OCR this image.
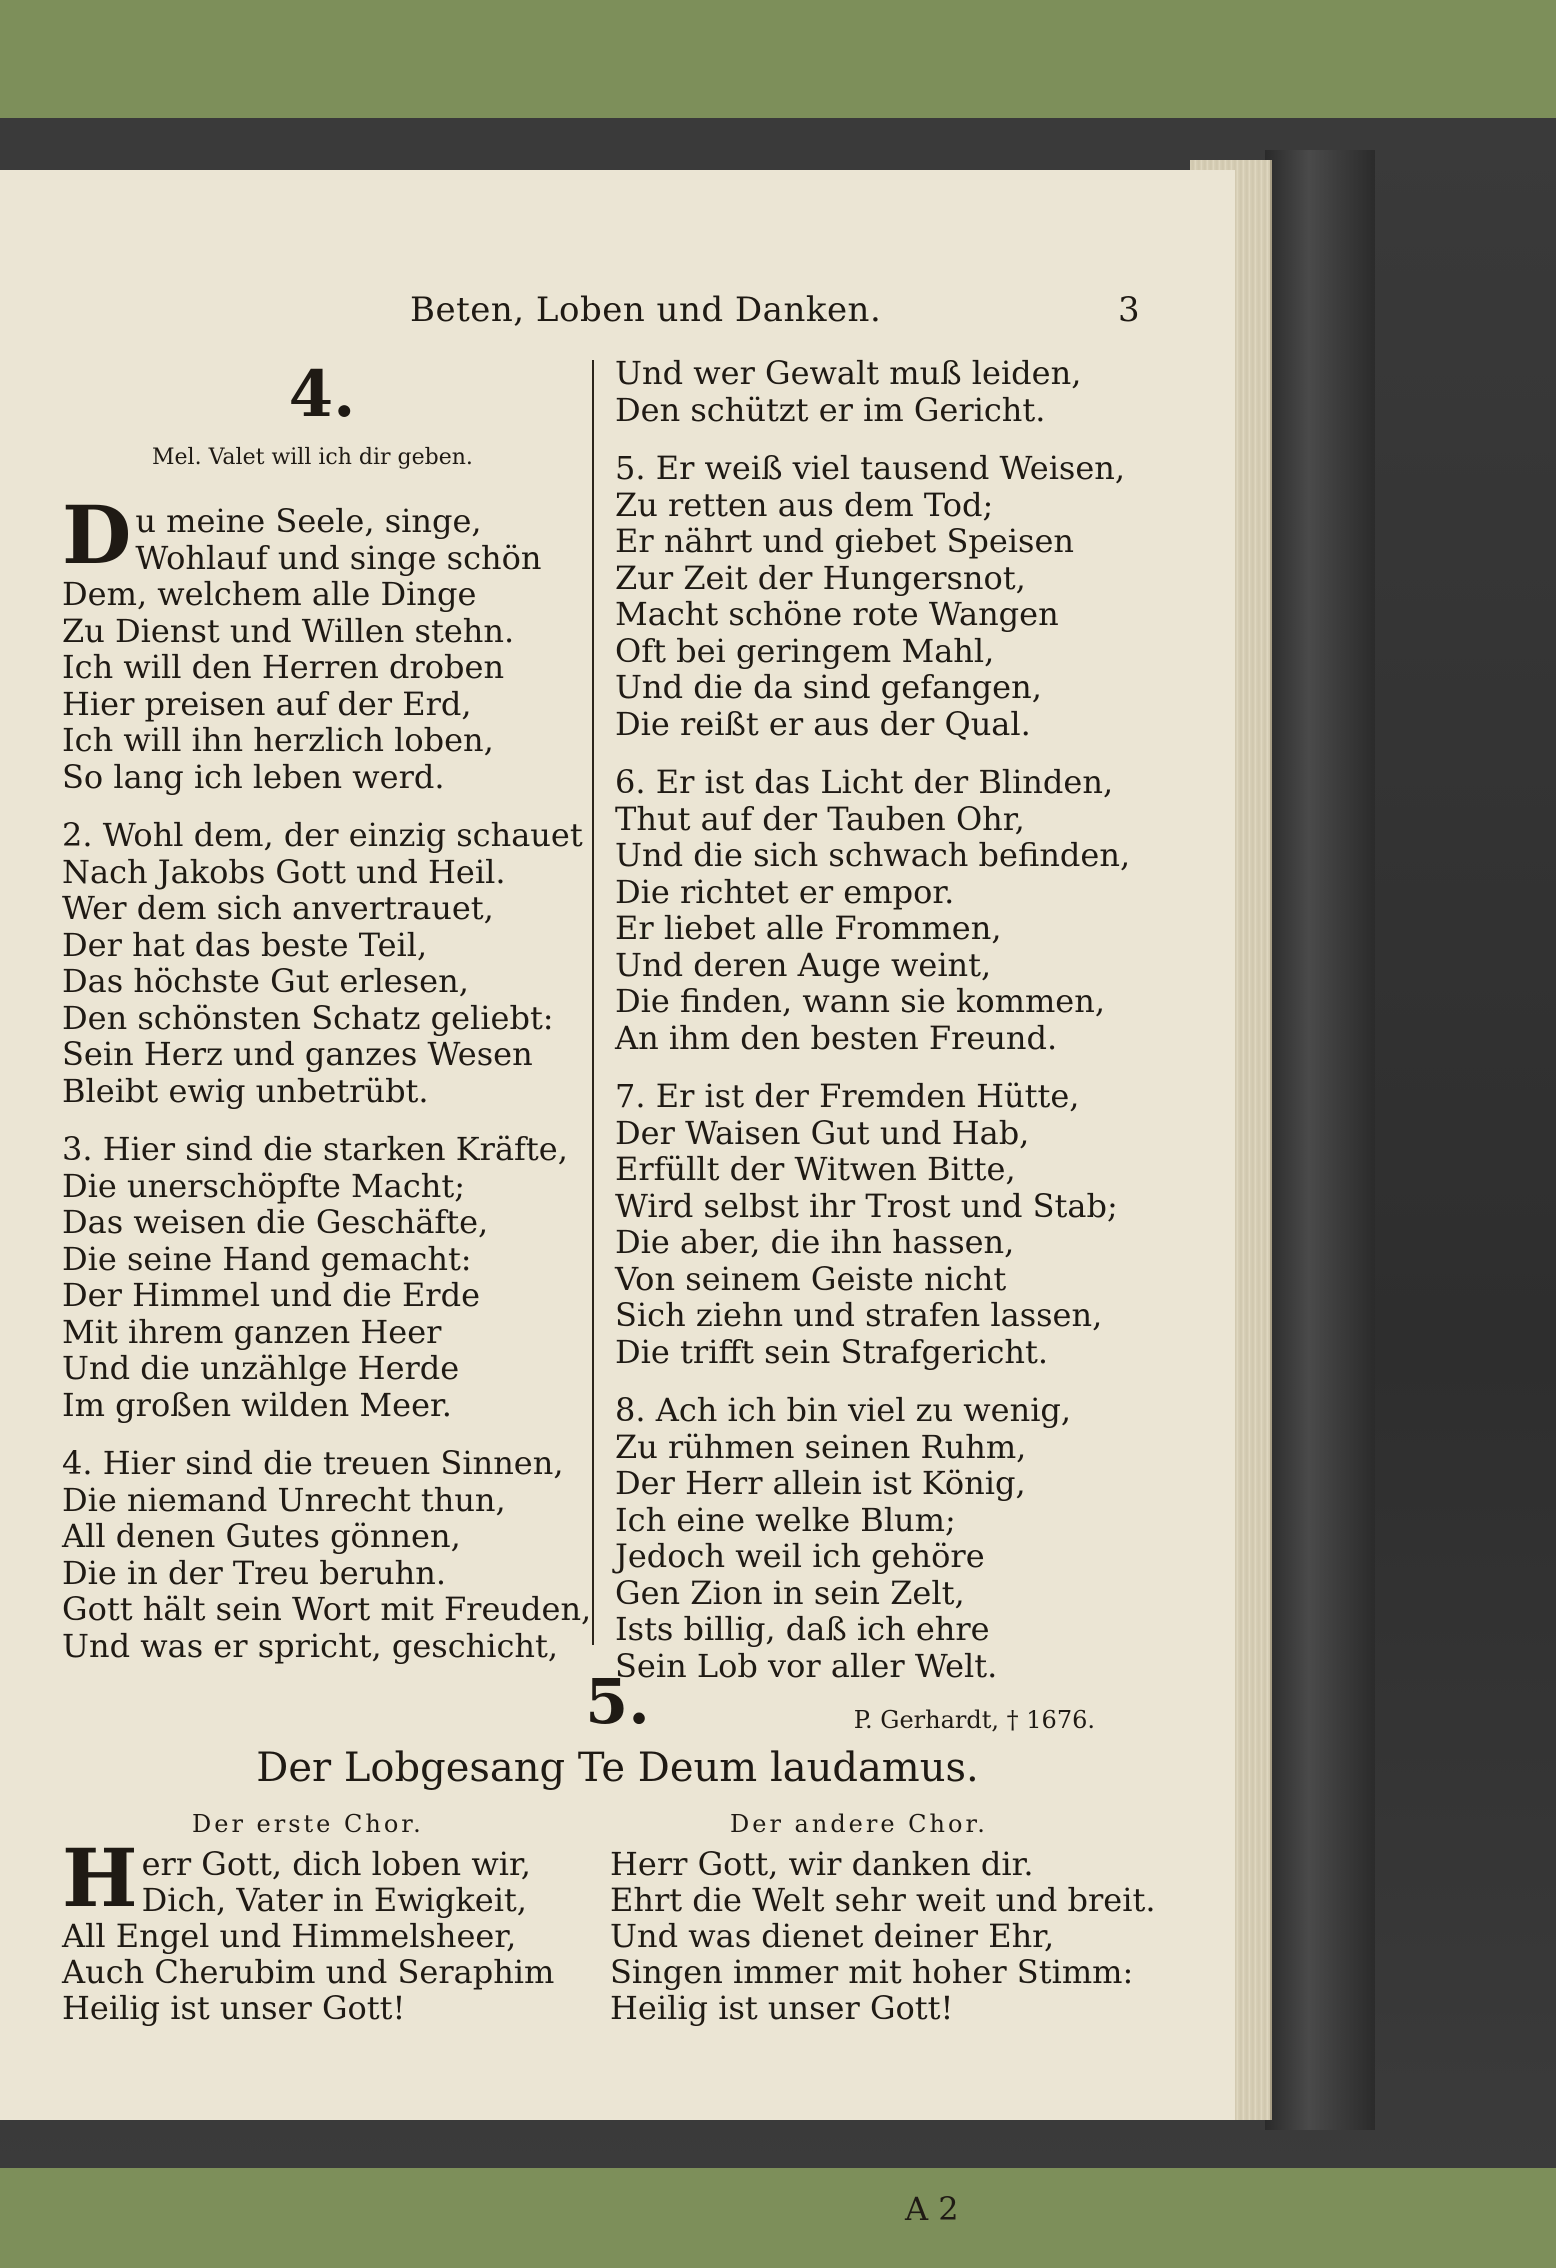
Beten, Loben und Danken.	3
4.
Mel. Valet will ich dir geben.
D u meine Seele, singe,
Wohlauf und singe schön
Dem, welchem alle Dinge
Zu Dienst und Willen stehn.
Ich will den Herren droben
Hier preisen auf der Erd,
Ich will ihn herzlich loben,
So lang ich leben werd.
2. Wohl dem, der einzig schauet
Nach Jakobs Gott und Heil.
Wer dem sich anvertrauet,
Der hat das beste Teil,
Das höchste Gut erlesen,
Den schönsten Schatz geliebt:
Sein Herz und ganzes Wesen
Bleibt ewig unbetrübt.
3. Hier sind die starken Kräfte,
Die unerschöpfte Macht;
Das weisen die Geschäfte,
Die seine Hand gemacht:
Der Himmel und die Erde
Mit ihrem ganzen Heer
Und die unzählge Herde
Im großen wilden Meer.
4. Hier sind die treuen Sinnen,
Die niemand Unrecht thun,
All denen Gutes gönnen,
Die in der Treu beruhn.
Gott hält sein Wort mit Freuden,
Und was er spricht, geschicht,
Und wer Gewalt muß leiden,
Den schützt er im Gericht.
5. Er weiß viel tausend Weisen,
Zu retten aus dem Tod;
Er nährt und giebet Speisen
Zur Zeit der Hungersnot,
Macht schöne rote Wangen
Oft bei geringem Mahl,
Und die da sind gefangen,
Die reißt er aus der Qual.
6. Er ist das Licht der Blinden,
Thut auf der Tauben Ohr,
Und die sich schwach befinden,
Die richtet er empor.
Er liebet alle Frommen,
Und deren Auge weint,
Die finden, wann sie kommen,
An ihm den besten Freund.
7. Er ist der Fremden Hütte,
Der Waisen Gut und Hab,
Erfüllt der Witwen Bitte,
Wird selbst ihr Trost und Stab;
Die aber, die ihn hassen,
Von seinem Geiste nicht
Sich ziehn und strafen lassen,
Die trifft sein Strafgericht.
8. Ach ich bin viel zu wenig,
Zu rühmen seinen Ruhm,
Der Herr allein ist König,
Ich eine welke Blum;
Jedoch weil ich gehöre
Gen Zion in sein Zelt,
Ists billig, daß ich ehre
Sein Lob vor aller Welt.
P. Gerhardt, † 1676.
5.
Der Lobgesang Te Deum laudamus.
Der erste Chor.
H err Gott, dich loben wir,
Dich, Vater in Ewigkeit,
All Engel und Himmelsheer,
Auch Cherubim und Seraphim
Heilig ist unser Gott!
Der andere Chor.
Herr Gott, wir danken dir.
Ehrt die Welt sehr weit und breit.
Und was dienet deiner Ehr,
Singen immer mit hoher Stimm:
Heilig ist unser Gott!
A 2
